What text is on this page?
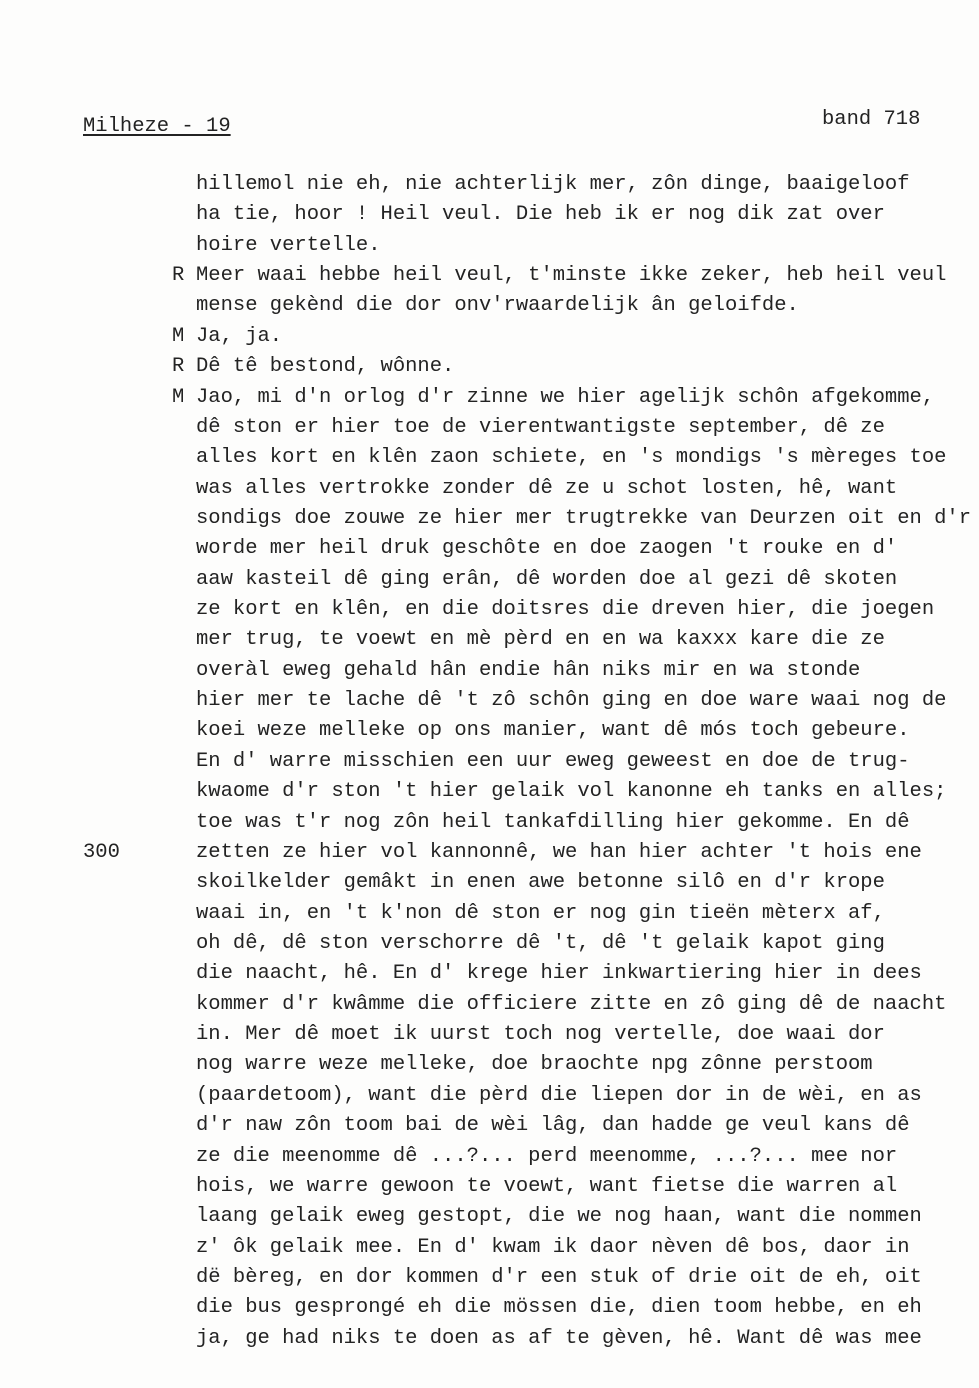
Milheze - 19	band 718
300
hillemol nie eh, nie achterlijk mer, zôn dinge, baaigeloof
ha tie, hoor ! Heil veul. Die heb ik er nog dik zat over
hoire vertelle.
R Meer waai hebbe heil veul, t'minste ikke zeker, heb heil veul
mense gekènd die dor onv'rwaardelijk ân geloifde.
M Ja, ja.
R Dê tê bestond, wônne.
M Jao, mi d'n orlog d'r zinne we hier agelijk schôn afgekomme,
dê ston er hier toe de vierentwantigste september, dê ze
alles kort en klên zaon schiete, en 's mondigs 's mèreges toe
was alles vertrokke zonder dê ze u schot losten, hê, want
sondigs doe zouwe ze hier mer trugtrekke van Deurzen oit en d'r
worde mer heil druk geschôte en doe zaogen 't rouke en d'
aaw kasteil dê ging erân, dê worden doe al gezi dê skoten
ze kort en klên, en die doitsres die dreven hier, die joegen
mer trug, te voewt en mè pèrd en en wa kaxxx kare die ze
overàl eweg gehald hân endie hân niks mir en wa stonde
hier mer te lache dê 't zô schôn ging en doe ware waai nog de
koei weze melleke op ons manier, want dê mós toch gebeure.
En d' warre misschien een uur eweg geweest en doe de trug-
kwaome d'r ston 't hier gelaik vol kanonne eh tanks en alles;
toe was t'r nog zôn heil tankafdilling hier gekomme. En dê
zetten ze hier vol kannonnê, we han hier achter 't hois ene
skoilkelder gemâkt in enen awe betonne silô en d'r krope
waai in, en 't k'non dê ston er nog gin tieën mèterx af,
oh dê, dê ston verschorre dê 't, dê 't gelaik kapot ging
die naacht, hê. En d' krege hier inkwartiering hier in dees
kommer d'r kwâmme die officiere zitte en zô ging dê de naacht
in. Mer dê moet ik uurst toch nog vertelle, doe waai dor
nog warre weze melleke, doe braochte npg zônne perstoom
(paardetoom), want die pèrd die liepen dor in de wèi, en as
d'r naw zôn toom bai de wèi lâg, dan hadde ge veul kans dê
ze die meenomme dê ...?... perd meenomme, ...?... mee nor
hois, we warre gewoon te voewt, want fietse die warren al
laang gelaik eweg gestopt, die we nog haan, want die nommen
z' ôk gelaik mee. En d' kwam ik daor nèven dê bos, daor in
dë bèreg, en dor kommen d'r een stuk of drie oit de eh, oit
die bus gesprongé eh die mössen die, dien toom hebbe, en eh
ja, ge had niks te doen as af te gèven, hê. Want dê was mee
